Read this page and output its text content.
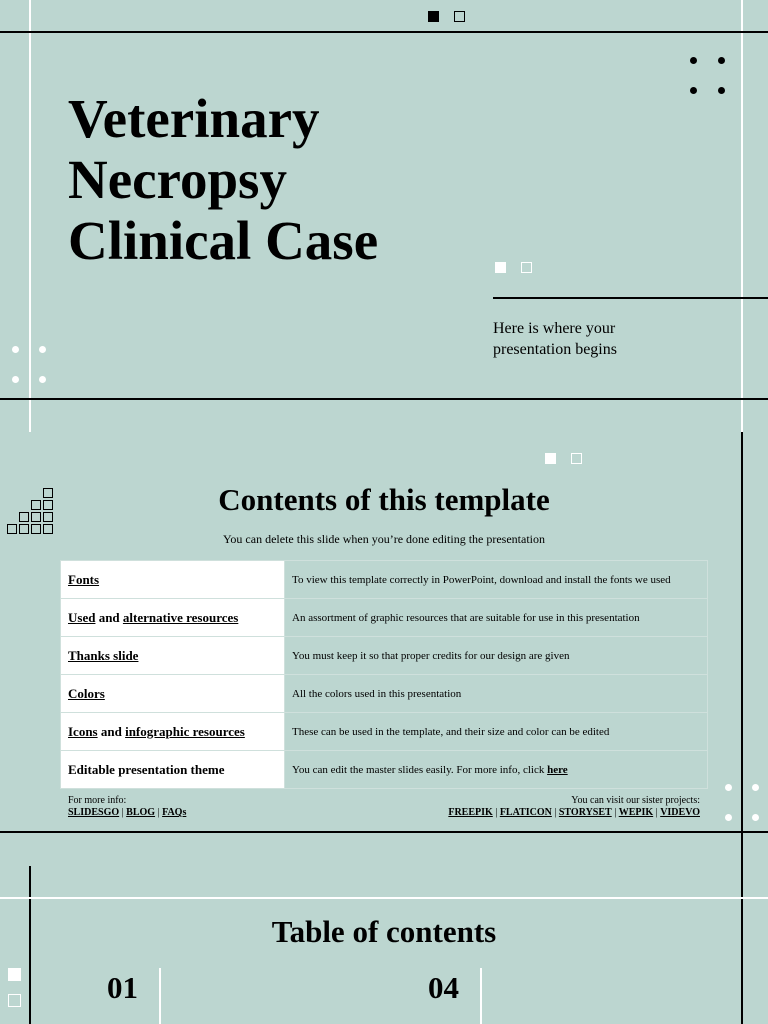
Veterinary
Necropsy
Clinical Case
Here is where your presentation begins
Contents of this template
You can delete this slide when you’re done editing the presentation
Fonts	To view this template correctly in PowerPoint, download and install the fonts we used
Used and alternative resources	An assortment of graphic resources that are suitable for use in this presentation
Thanks slide	You must keep it so that proper credits for our design are given
Colors	All the colors used in this presentation
Icons and infographic resources	These can be used in the template, and their size and color can be edited
Editable presentation theme	You can edit the master slides easily. For more info, click here
For more info:
SLIDESGO | BLOG | FAQs
You can visit our sister projects:
FREEPIK | FLATICON | STORYSET | WEPIK | VIDEVO
Table of contents
01	04
